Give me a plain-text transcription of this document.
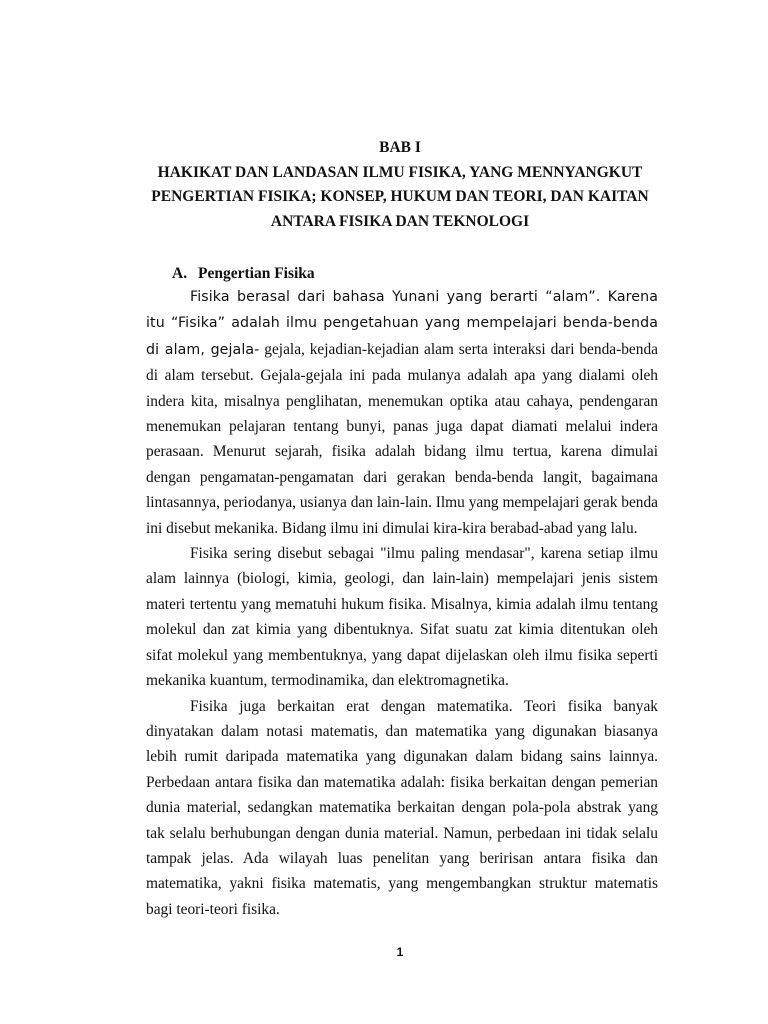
BAB I
HAKIKAT DAN LANDASAN ILMU FISIKA, YANG MENNYANGKUT
PENGERTIAN FISIKA; KONSEP, HUKUM DAN TEORI, DAN KAITAN
ANTARA FISIKA DAN TEKNOLOGI
A. Pengertian Fisika

Fisika berasal dari bahasa Yunani yang berarti “alam”. Karena itu “Fisika” adalah ilmu pengetahuan yang mempelajari benda-benda di alam, gejala- gejala, kejadian-kejadian alam serta interaksi dari benda-benda di alam tersebut. Gejala-gejala ini pada mulanya adalah apa yang dialami oleh indera kita, misalnya penglihatan, menemukan optika atau cahaya, pendengaran menemukan pelajaran tentang bunyi, panas juga dapat diamati melalui indera perasaan. Menurut sejarah, fisika adalah bidang ilmu tertua, karena dimulai dengan pengamatan-pengamatan dari gerakan benda-benda langit, bagaimana lintasannya, periodanya, usianya dan lain-lain. Ilmu yang mempelajari gerak benda ini disebut mekanika. Bidang ilmu ini dimulai kira-kira berabad-abad yang lalu.

Fisika sering disebut sebagai "ilmu paling mendasar", karena setiap ilmu alam lainnya (biologi, kimia, geologi, dan lain-lain) mempelajari jenis sistem materi tertentu yang mematuhi hukum fisika. Misalnya, kimia adalah ilmu tentang molekul dan zat kimia yang dibentuknya. Sifat suatu zat kimia ditentukan oleh sifat molekul yang membentuknya, yang dapat dijelaskan oleh ilmu fisika seperti mekanika kuantum, termodinamika, dan elektromagnetika.

Fisika juga berkaitan erat dengan matematika. Teori fisika banyak dinyatakan dalam notasi matematis, dan matematika yang digunakan biasanya lebih rumit daripada matematika yang digunakan dalam bidang sains lainnya. Perbedaan antara fisika dan matematika adalah: fisika berkaitan dengan pemerian dunia material, sedangkan matematika berkaitan dengan pola-pola abstrak yang tak selalu berhubungan dengan dunia material. Namun, perbedaan ini tidak selalu tampak jelas. Ada wilayah luas penelitan yang beririsan antara fisika dan matematika, yakni fisika matematis, yang mengembangkan struktur matematis bagi teori-teori fisika.

1
